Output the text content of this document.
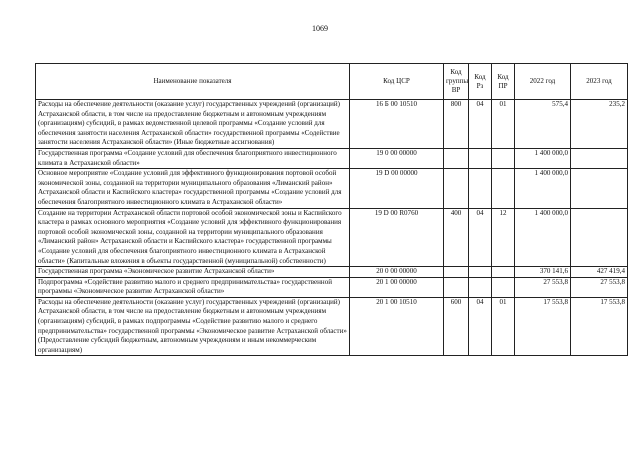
1069
Наименование показателя	Код ЦСР	Код группы ВР	Код Рз	Код ПР	2022 год	2023 год
Расходы на обеспечение деятельности (оказание услуг) государственных учреждений (организаций) Астраханской области, в том числе на предоставление бюджетным и автономным учреждениям (организациям) субсидий, в рамках ведомственной целевой программы «Создание условий для обеспечения занятости населения Астраханской области» государственной программы «Содействие занятости населения Астраханской области» (Иные бюджетные ассигнования)	16 Б 00 10510	800	04	01	575,4	235,2
Государственная программа «Создание условий для обеспечения благоприятного инвестиционного климата в Астраханской области»	19 0 00 00000				1 400 000,0	
Основное мероприятие «Создание условий для эффективного функционирования портовой особой экономической зоны, созданной на территории муниципального образования «Лиманский район» Астраханской области и Каспийского кластера» государственной программы «Создание условий для обеспечения благоприятного инвестиционного климата в Астраханской области»	19 D 00 00000				1 400 000,0	
Создание на территории Астраханской области портовой особой экономической зоны и Каспийского кластера в рамках основного мероприятия «Создание условий для эффективного функционирования портовой особой экономической зоны, созданной на территории муниципального образования «Лиманский район» Астраханской области и Каспийского кластера» государственной программы «Создание условий для обеспечения благоприятного инвестиционного климата в Астраханской области» (Капитальные вложения в объекты государственной (муниципальной) собственности)	19 D 00 R0760	400	04	12	1 400 000,0	
Государственная программа «Экономическое развитие Астраханской области»	20 0 00 00000				370 141,6	427 419,4
Подпрограмма «Содействие развитию малого и среднего предпринимательства» государственной программы «Экономическое развитие Астраханской области»	20 1 00 00000				27 553,8	27 553,8
Расходы на обеспечение деятельности (оказание услуг) государственных учреждений (организаций) Астраханской области, в том числе на предоставление бюджетным и автономным учреждениям (организациям) субсидий, в рамках подпрограммы «Содействие развитию малого и среднего предпринимательства» государственной программы «Экономическое развитие Астраханской области» (Предоставление субсидий бюджетным, автономным учреждениям и иным некоммерческим организациям)	20 1 00 10510	600	04	01	17 553,8	17 553,8
